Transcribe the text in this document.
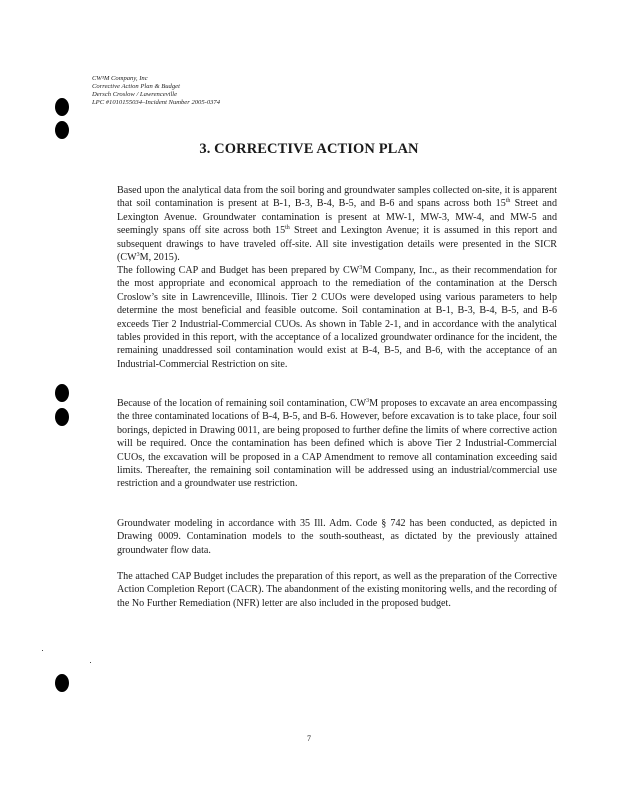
CW³M Company, Inc
Corrective Action Plan & Budget
Dersch Croslow / Lawrenceville
LPC #1010155034–Incident Number 2005-0374
3. CORRECTIVE ACTION PLAN
Based upon the analytical data from the soil boring and groundwater samples collected on-site, it is apparent that soil contamination is present at B-1, B-3, B-4, B-5, and B-6 and spans across both 15th Street and Lexington Avenue. Groundwater contamination is present at MW-1, MW-3, MW-4, and MW-5 and seemingly spans off site across both 15th Street and Lexington Avenue; it is assumed in this report and subsequent drawings to have traveled off-site. All site investigation details were presented in the SICR ($CW^3M$, 2015).
The following CAP and Budget has been prepared by $CW^3M$ Company, Inc., as their recommendation for the most appropriate and economical approach to the remediation of the contamination at the Dersch Croslow’s site in Lawrenceville, Illinois. Tier 2 CUOs were developed using various parameters to help determine the most beneficial and feasible outcome. Soil contamination at B-1, B-3, B-4, B-5, and B-6 exceeds Tier 2 Industrial-Commercial CUOs. As shown in Table 2-1, and in accordance with the analytical tables provided in this report, with the acceptance of a localized groundwater ordinance for the incident, the remaining unaddressed soil contamination would exist at B-4, B-5, and B-6, with the acceptance of an Industrial-Commercial Restriction on site.
Because of the location of remaining soil contamination, $CW^3M$ proposes to excavate an area encompassing the three contaminated locations of B-4, B-5, and B-6. However, before excavation is to take place, four soil borings, depicted in Drawing 0011, are being proposed to further define the limits of where corrective action will be required. Once the contamination has been defined which is above Tier 2 Industrial-Commercial CUOs, the excavation will be proposed in a CAP Amendment to remove all contamination exceeding said limits. Thereafter, the remaining soil contamination will be addressed using an industrial/commercial use restriction and a groundwater use restriction.
Groundwater modeling in accordance with 35 Ill. Adm. Code § 742 has been conducted, as depicted in Drawing 0009. Contamination models to the south-southeast, as dictated by the previously attained groundwater flow data.
The attached CAP Budget includes the preparation of this report, as well as the preparation of the Corrective Action Completion Report (CACR). The abandonment of the existing monitoring wells, and the recording of the No Further Remediation (NFR) letter are also included in the proposed budget.
7
